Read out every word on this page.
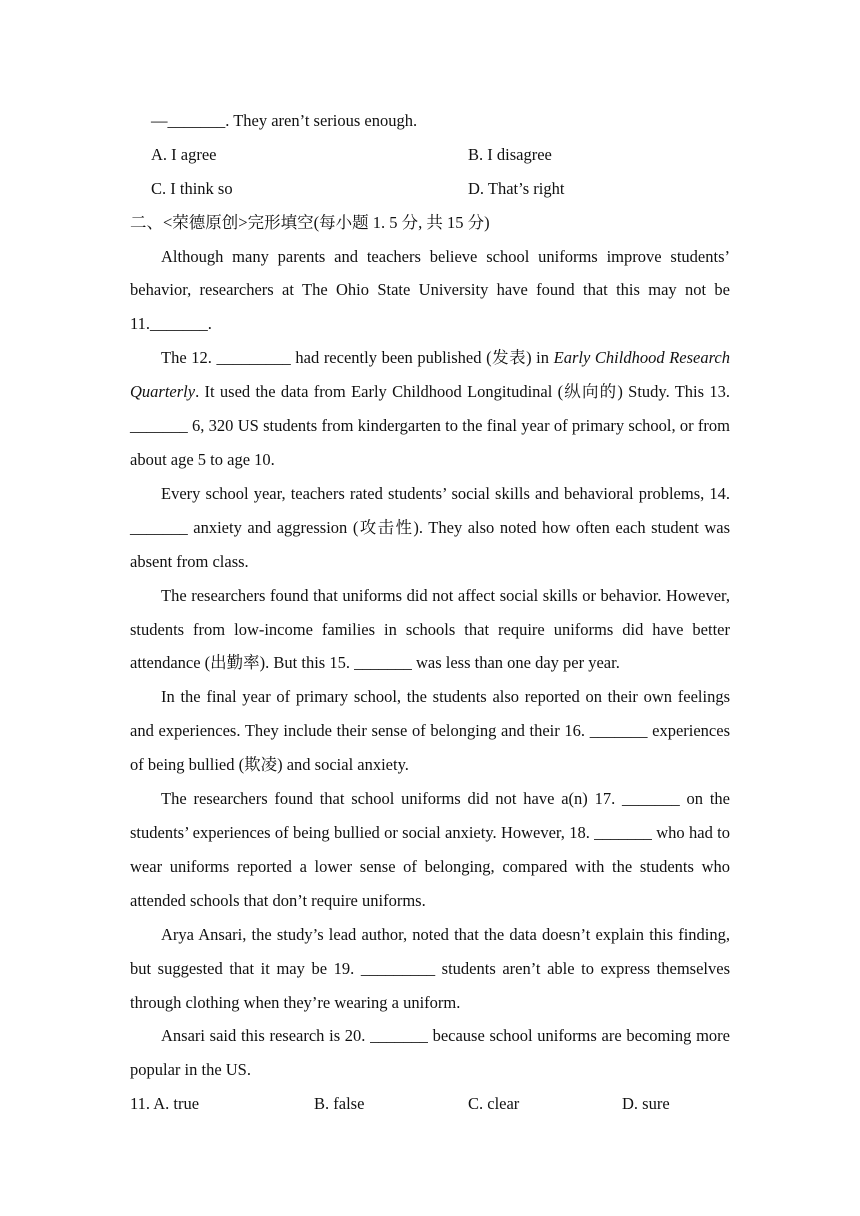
—_______. They aren’t serious enough.
A. I agree	B. I disagree
C. I think so	D. That’s right
二、<荣德原创>完形填空(每小题 1. 5 分, 共 15 分)

Although many parents and teachers believe school uniforms improve students’ behavior, researchers at The Ohio State University have found that this may not be 11._______.

The 12. _________ had recently been published (发表) in Early Childhood Research Quarterly. It used the data from Early Childhood Longitudinal (纵向的) Study. This 13. _______ 6, 320 US students from kindergarten to the final year of primary school, or from about age 5 to age 10.

Every school year, teachers rated students’ social skills and behavioral problems, 14. _______ anxiety and aggression (攻击性). They also noted how often each student was absent from class.

The researchers found that uniforms did not affect social skills or behavior. However, students from low-income families in schools that require uniforms did have better attendance (出勤率). But this 15. _______ was less than one day per year.

In the final year of primary school, the students also reported on their own feelings and experiences. They include their sense of belonging and their 16. _______ experiences of being bullied (欺凌) and social anxiety.

The researchers found that school uniforms did not have a(n) 17. _______ on the students’ experiences of being bullied or social anxiety. However, 18. _______ who had to wear uniforms reported a lower sense of belonging, compared with the students who attended schools that don’t require uniforms.

Arya Ansari, the study’s lead author, noted that the data doesn’t explain this finding, but suggested that it may be 19. _________ students aren’t able to express themselves through clothing when they’re wearing a uniform.

Ansari said this research is 20. _______ because school uniforms are becoming more popular in the US.

11. A. true	B. false	C. clear	D. sure
